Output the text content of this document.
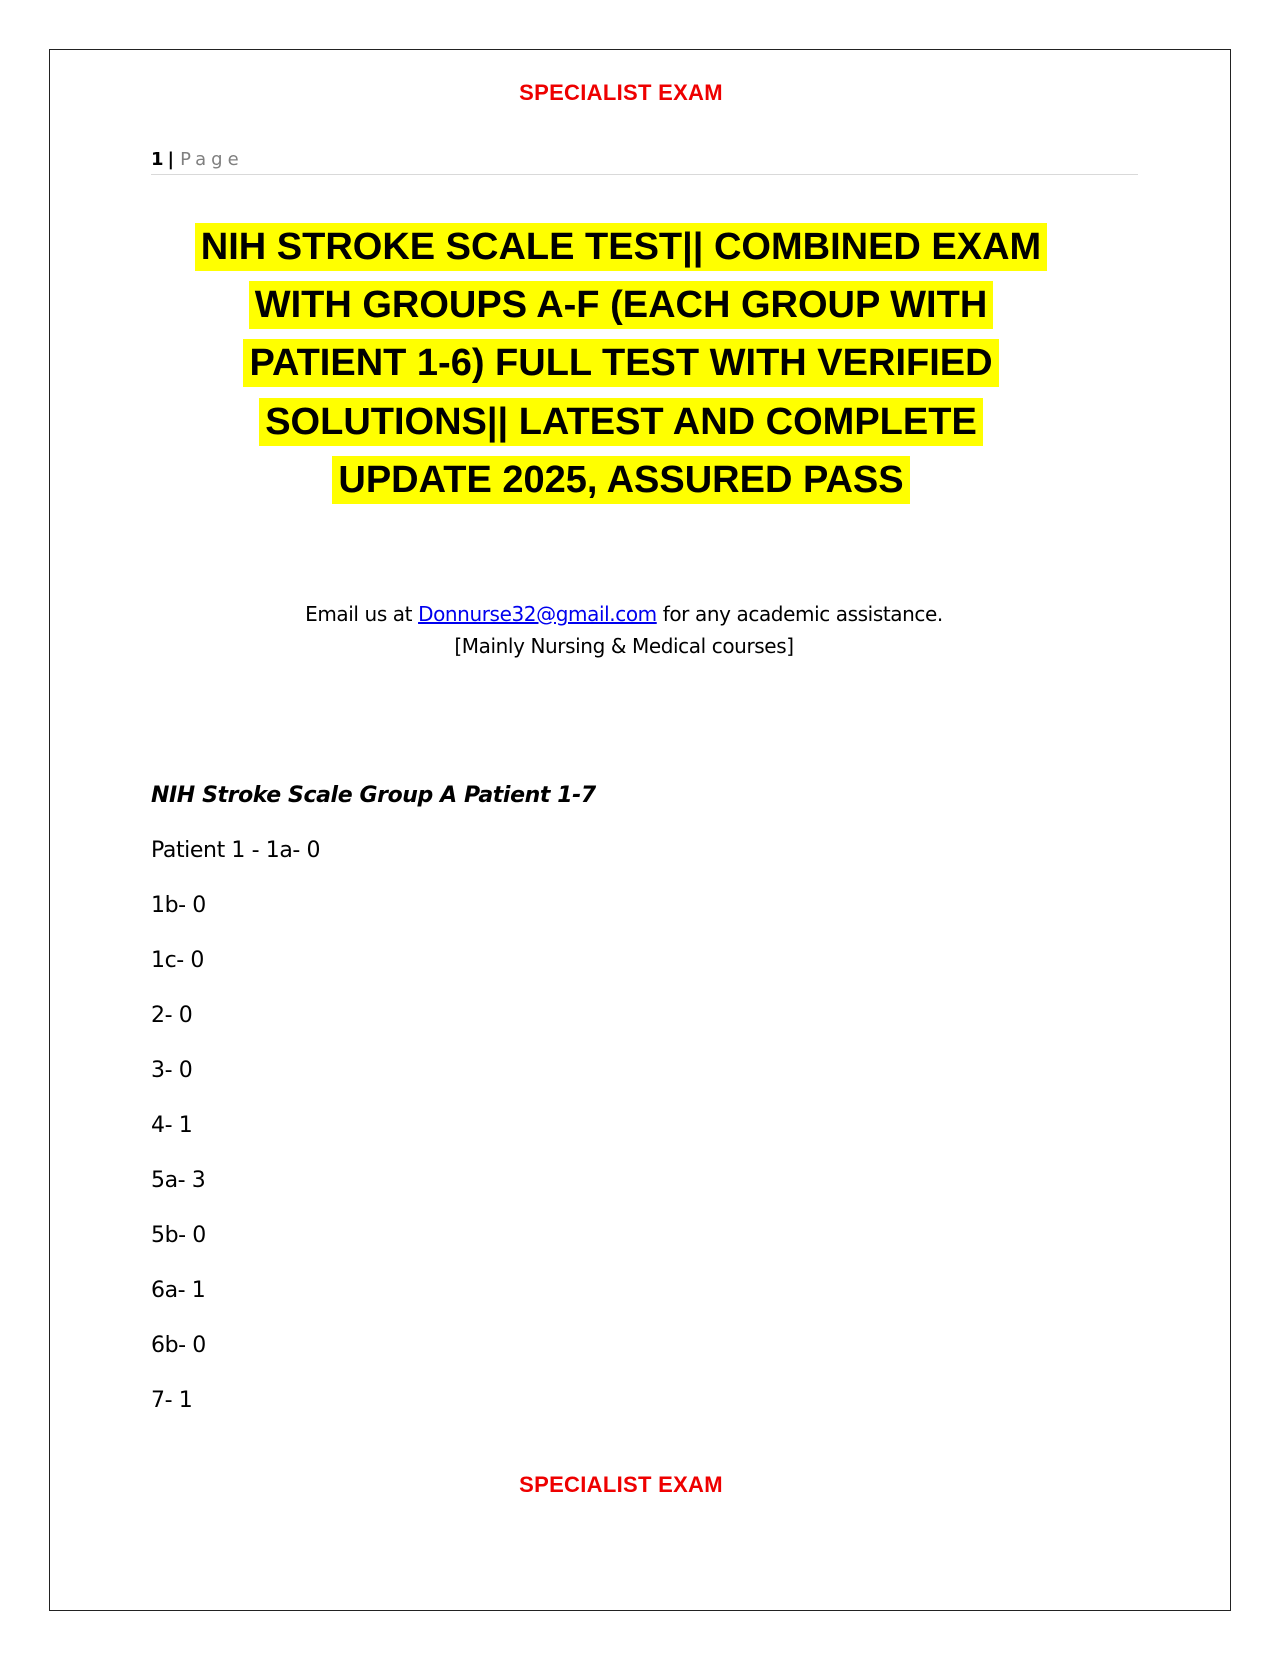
SPECIALIST EXAM
1 | Page
NIH STROKE SCALE TEST|| COMBINED EXAM
WITH GROUPS A-F (EACH GROUP WITH
PATIENT 1-6) FULL TEST WITH VERIFIED
SOLUTIONS|| LATEST AND COMPLETE
UPDATE 2025, ASSURED PASS
Email us at Donnurse32@gmail.com for any academic assistance.
[Mainly Nursing & Medical courses]
NIH Stroke Scale Group A Patient 1-7
Patient 1 - 1a- 0
1b- 0
1c- 0
2- 0
3- 0
4- 1
5a- 3
5b- 0
6a- 1
6b- 0
7- 1
SPECIALIST EXAM
